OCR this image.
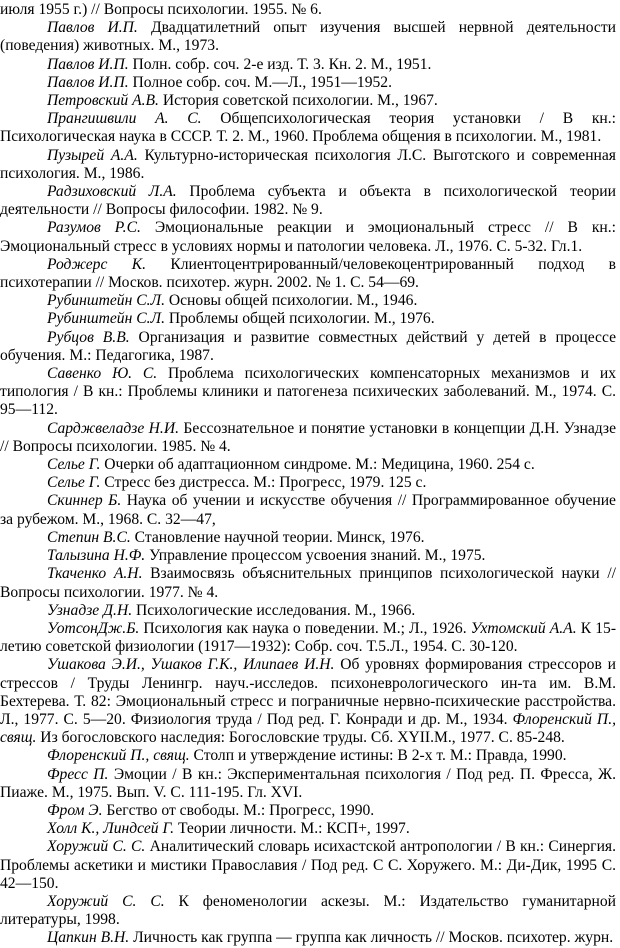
июля 1955 г.) // Вопросы психологии. 1955. № 6.

Павлов И.П. Двадцатилетний опыт изучения высшей нервной деятельности (поведения) животных. М., 1973.

Павлов И.П. Полн. собр. соч. 2-е изд. Т. 3. Кн. 2. М., 1951.

Павлов И.П. Полное собр. соч. М.—Л., 1951—1952.

Петровский А.В. История советской психологии. М., 1967.

Прангишвили А. С. Общепсихологическая теория установки / В кн.: Психологическая наука в СССР. Т. 2. М., 1960. Проблема общения в психологии. М., 1981.

Пузырей А.А. Культурно-историческая психология Л.С. Выготского и современная психология. М., 1986.

Радзиховский Л.А. Проблема субъекта и объекта в психологической теории деятельности // Вопросы философии. 1982. № 9.

Разумов Р.С. Эмоциональные реакции и эмоциональный стресс // В кн.: Эмоциональный стресс в условиях нормы и патологии человека. Л., 1976. С. 5-32. Гл.1.

Роджерс К. Клиентоцентрированный/человекоцентрированный подход в психотерапии // Москов. психотер. журн. 2002. № 1. С. 54—69.

Рубинштейн С.Л. Основы общей психологии. М., 1946.

Рубинштейн С.Л. Проблемы общей психологии. М., 1976.

Рубцов В.В. Организация и развитие совместных действий у детей в процессе обучения. М.: Педагогика, 1987.

Савенко Ю. С. Проблема психологических компенсаторных механизмов и их типология / В кн.: Проблемы клиники и патогенеза психических заболеваний. М., 1974. С. 95—112.

Сарджвеладзе Н.И. Бессознательное и понятие установки в концепции Д.Н. Узнадзе // Вопросы психологии. 1985. № 4.

Селье Г. Очерки об адаптационном синдроме. М.: Медицина, 1960. 254 с.

Селье Г. Стресс без дистресса. М.: Прогресс, 1979. 125 с.

Скиннер Б. Наука об учении и искусстве обучения // Программированное обучение за рубежом. М., 1968. С. 32—47,

Степин В.С. Становление научной теории. Минск, 1976.

Талызина Н.Ф. Управление процессом усвоения знаний. М., 1975.

Ткаченко А.Н. Взаимосвязь объяснительных принципов психологической науки // Вопросы психологии. 1977. № 4.

Узнадзе Д.Н. Психологические исследования. М., 1966.

УотсонДж.Б. Психология как наука о поведении. М.; Л., 1926. Ухтомский А.А. К 15-летию советской физиологии (1917—1932): Собр. соч. Т.5.Л., 1954. С. 30-120.

Ушакова Э.И., Ушаков Г.К., Илипаев И.Н. Об уровнях формирования стрессоров и стрессов / Труды Ленингр. науч.-исследов. психоневрологического ин-та им. В.М. Бехтерева. Т. 82: Эмоциональный стресс и пограничные нервно-психические расстройства. Л., 1977. С. 5—20. Физиология труда / Под ред. Г. Конради и др. М., 1934. Флоренский П., свящ. Из богословского наследия: Богословские труды. Сб. XYII.M., 1977. С. 85-248.

Флоренский П., свящ. Столп и утверждение истины: В 2-х т. М.: Правда, 1990.

Фресс П. Эмоции / В кн.: Экспериментальная психология / Под ред. П. Фресса, Ж. Пиаже. М., 1975. Вып. V. С. 111-195. Гл. XVI.

Фром Э. Бегство от свободы. М.: Прогресс, 1990.

Холл К., Линдсей Г. Теории личности. М.: КСП+, 1997.

Хоружий С. С. Аналитический словарь исихастской антропологии / В кн.: Синергия. Проблемы аскетики и мистики Православия / Под ред. С С. Хоружего. М.: Ди-Дик, 1995 С. 42—150.

Хоружий С. С. К феноменологии аскезы. М.: Издательство гуманитарной литературы, 1998.

Цапкин В.Н. Личность как группа — группа как личность // Москов. психотер. журн.
